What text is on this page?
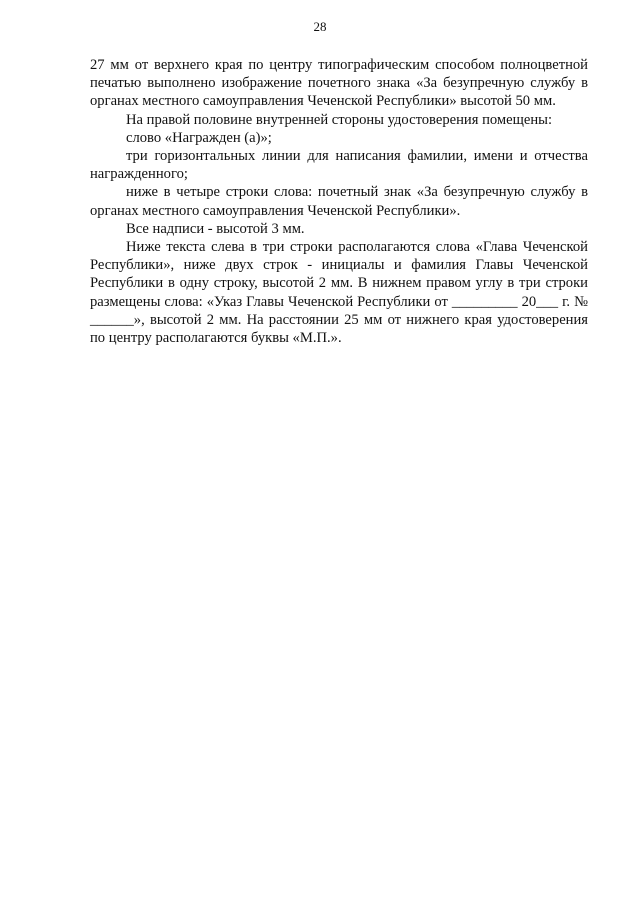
28

27 мм от верхнего края по центру типографическим способом полноцветной печатью выполнено изображение почетного знака «За безупречную службу в органах местного самоуправления Чеченской Республики» высотой 50 мм.

На правой половине внутренней стороны удостоверения помещены:

слово «Награжден (а)»;

три горизонтальных линии для написания фамилии, имени и отчества награжденного;

ниже в четыре строки слова: почетный знак «За безупречную службу в органах местного самоуправления Чеченской Республики».

Все надписи - высотой 3 мм.

Ниже текста слева в три строки располагаются слова «Глава Чеченской Республики», ниже двух строк - инициалы и фамилия Главы Чеченской Республики в одну строку, высотой 2 мм. В нижнем правом углу в три строки размещены слова: «Указ Главы Чеченской Республики от _________ 20___ г. № ______», высотой 2 мм. На расстоянии 25 мм от нижнего края удостоверения по центру располагаются буквы «М.П.».
